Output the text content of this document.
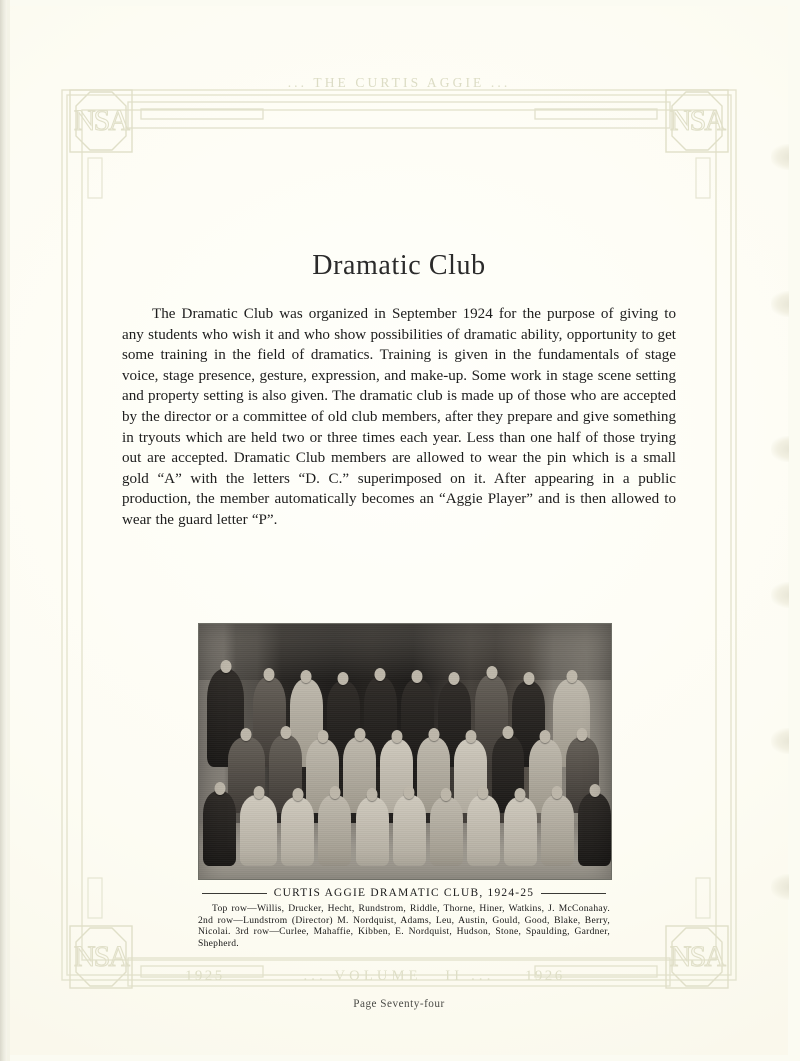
NSA	NSA
NSA	NSA
... THE CURTIS AGGIE ...
Dramatic Club

The Dramatic Club was organized in September 1924 for the purpose of giving to any students who wish it and who show possibilities of dramatic ability, opportunity to get some training in the field of dramatics. Training is given in the fundamentals of stage voice, stage presence, gesture, expression, and make-up. Some work in stage scene setting and property setting is also given. The dramatic club is made up of those who are accepted by the director or a committee of old club members, after they prepare and give something in tryouts which are held two or three times each year. Less than one half of those trying out are accepted. Dramatic Club members are allowed to wear the pin which is a small gold “A” with the letters “D. C.” superimposed on it. After appearing in a public production, the member automatically becomes an “Aggie Player” and is then allowed to wear the guard letter “P”.

CURTIS AGGIE DRAMATIC CLUB, 1924-25

Top row—Willis, Drucker, Hecht, Rundstrom, Riddle, Thorne, Hiner, Watkins, J. McConahay. 2nd row—Lundstrom (Director) M. Nordquist, Adams, Leu, Austin, Gould, Good, Blake, Berry, Nicolai. 3rd row—Curlee, Mahaffie, Kibben, E. Nordquist, Hudson, Stone, Spaulding, Gardner, Shepherd.

1925	... VOLUME   II ...	1926
Page Seventy-four
